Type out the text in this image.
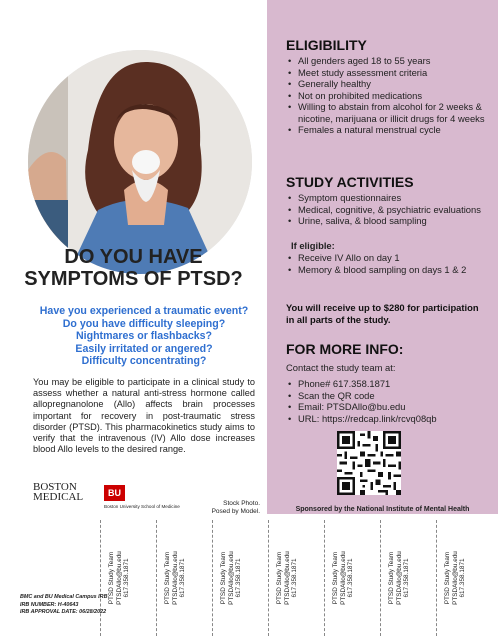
DO YOU HAVE
SYMPTOMS OF PTSD?
Have you experienced a traumatic event?
Do you have difficulty sleeping?
Nightmares or flashbacks?
Easily irritated or angered?
Difficulty concentrating?
You may be eligible to participate in a clinical study to assess whether a natural anti-stress hormone called allopregnanolone (Allo) affects brain processes important for recovery in post-traumatic stress disorder (PTSD). This pharmacokinetics study aims to verify that the intravenous (IV) Allo dose increases blood Allo levels to the desired range.
BOSTON MEDICAL	BU
Boston University School of Medicine	Stock Photo.
Posed by Model.
ELIGIBILITY
• All genders aged 18 to 55 years
• Meet study assessment criteria
• Generally healthy
• Not on prohibited medications
• Willing to abstain from alcohol for 2 weeks & nicotine, marijuana or illicit drugs for 4 weeks
• Females a natural menstrual cycle
STUDY ACTIVITIES
• Symptom questionnaires
• Medical, cognitive, & psychiatric evaluations
• Urine, saliva, & blood sampling
If eligible:
• Receive IV Allo on day 1
• Memory & blood sampling on days 1 & 2
You will receive up to $280 for participation in all parts of the study.
FOR MORE INFO:
Contact the study team at:
• Phone# 617.358.1871
• Scan the QR code
• Email: PTSDAllo@bu.edu
• URL: https://redcap.link/rcvq08qb
Sponsored by the National Institute of Mental Health
PTSD Study Team PTSDAllo@bu.edu 617.358.1871	PTSD Study Team PTSDAllo@bu.edu 617.358.1871	PTSD Study Team PTSDAllo@bu.edu 617.358.1871	PTSD Study Team PTSDAllo@bu.edu 617.358.1871	PTSD Study Team PTSDAllo@bu.edu 617.358.1871	PTSD Study Team PTSDAllo@bu.edu 617.358.1871	PTSD Study Team PTSDAllo@bu.edu 617.358.1871
BMC and BU Medical Campus IRB
IRB NUMBER: H-40643
IRB APPROVAL DATE: 06/28/2022
